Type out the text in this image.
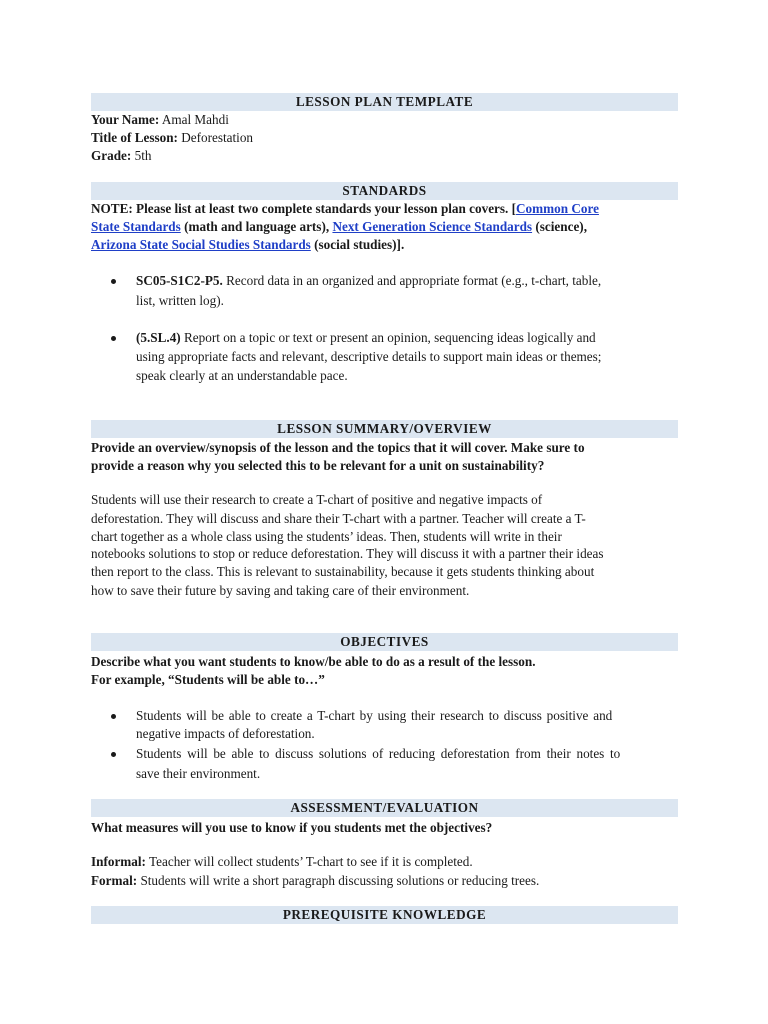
LESSON PLAN TEMPLATE
Your Name: Amal Mahdi
Title of Lesson: Deforestation
Grade: 5th
STANDARDS
NOTE: Please list at least two complete standards your lesson plan covers. [Common Core
State Standards (math and language arts), Next Generation Science Standards (science),
Arizona State Social Studies Standards (social studies)].
SC05-S1C2-P5. Record data in an organized and appropriate format (e.g., t-chart, table,
list, written log).
(5.SL.4) Report on a topic or text or present an opinion, sequencing ideas logically and
using appropriate facts and relevant, descriptive details to support main ideas or themes;
speak clearly at an understandable pace.
LESSON SUMMARY/OVERVIEW
Provide an overview/synopsis of the lesson and the topics that it will cover. Make sure to
provide a reason why you selected this to be relevant for a unit on sustainability?
Students will use their research to create a T-chart of positive and negative impacts of
deforestation. They will discuss and share their T-chart with a partner. Teacher will create a T-
chart together as a whole class using the students’ ideas. Then, students will write in their
notebooks solutions to stop or reduce deforestation. They will discuss it with a partner their ideas
then report to the class. This is relevant to sustainability, because it gets students thinking about
how to save their future by saving and taking care of their environment.
OBJECTIVES
Describe what you want students to know/be able to do as a result of the lesson.
For example, “Students will be able to…”
Students will be able to create a T-chart by using their research to discuss positive and
negative impacts of deforestation.
Students will be able to discuss solutions of reducing deforestation from their notes to
save their environment.
ASSESSMENT/EVALUATION
What measures will you use to know if you students met the objectives?
Informal: Teacher will collect students’ T-chart to see if it is completed.
Formal: Students will write a short paragraph discussing solutions or reducing trees.
PREREQUISITE KNOWLEDGE
